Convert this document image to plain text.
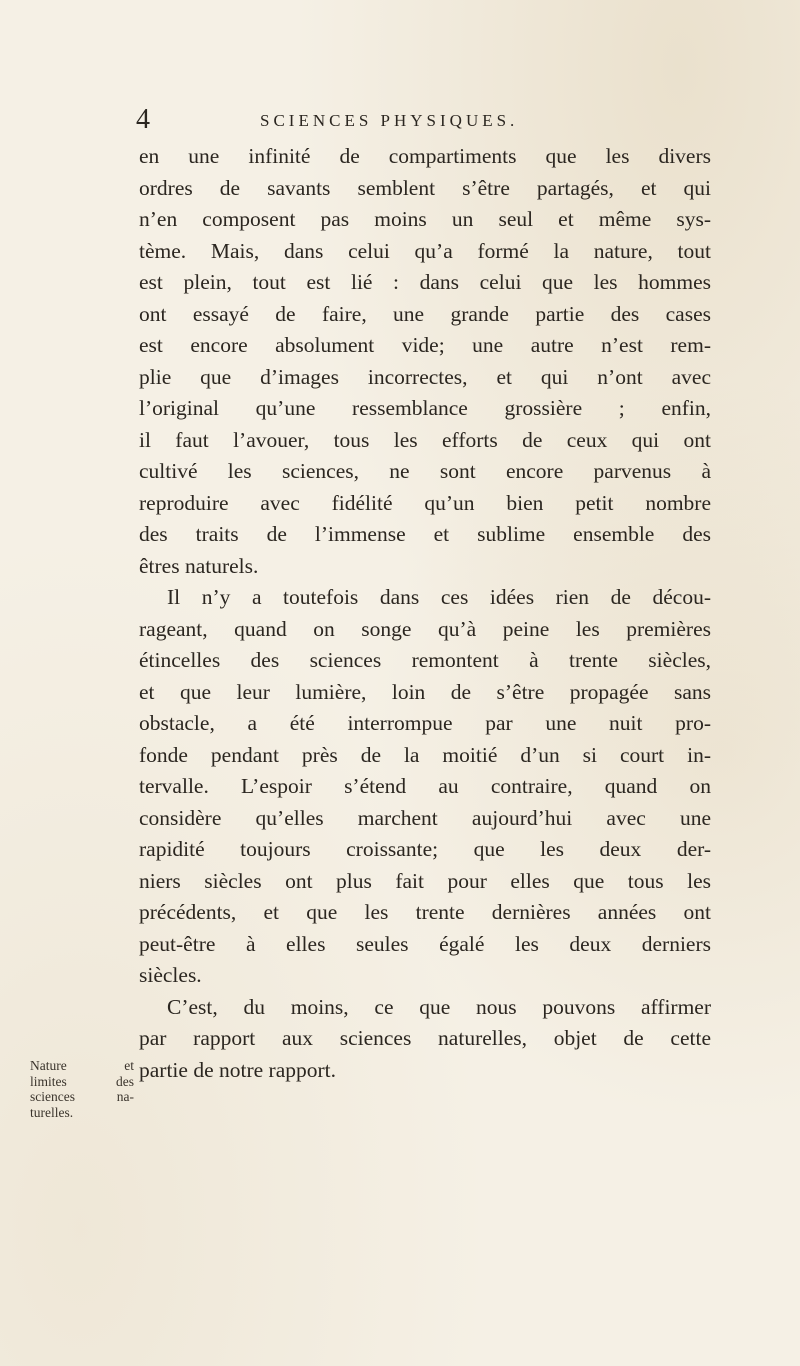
4	SCIENCES PHYSIQUES.
en une infinité de compartiments que les divers
ordres de savants semblent s’être partagés, et qui
n’en composent pas moins un seul et même sys-
tème. Mais, dans celui qu’a formé la nature, tout
est plein, tout est lié : dans celui que les hommes
ont essayé de faire, une grande partie des cases
est encore absolument vide; une autre n’est rem-
plie que d’images incorrectes, et qui n’ont avec
l’original qu’une ressemblance grossière ; enfin,
il faut l’avouer, tous les efforts de ceux qui ont
cultivé les sciences, ne sont encore parvenus à
reproduire avec fidélité qu’un bien petit nombre
des traits de l’immense et sublime ensemble des
êtres naturels.
Il n’y a toutefois dans ces idées rien de décou-
rageant, quand on songe qu’à peine les premières
étincelles des sciences remontent à trente siècles,
et que leur lumière, loin de s’être propagée sans
obstacle, a été interrompue par une nuit pro-
fonde pendant près de la moitié d’un si court in-
tervalle. L’espoir s’étend au contraire, quand on
considère qu’elles marchent aujourd’hui avec une
rapidité toujours croissante; que les deux der-
niers siècles ont plus fait pour elles que tous les
précédents, et que les trente dernières années ont
peut-être à elles seules égalé les deux derniers
siècles.
C’est, du moins, ce que nous pouvons affirmer
par rapport aux sciences naturelles, objet de cette
partie de notre rapport.
Nature et
limites des
sciences na-
turelles.
